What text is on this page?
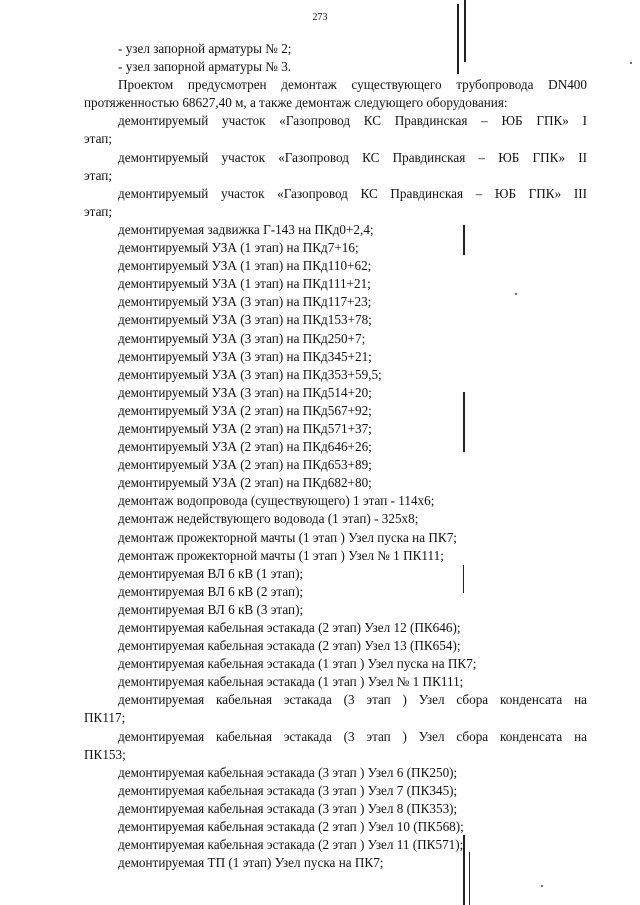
273
- узел запорной арматуры № 2;
- узел запорной арматуры № 3.
Проектом предусмотрен демонтаж существующего трубопровода DN400
протяженностью 68627,40 м, а также демонтаж следующего оборудования:
демонтируемый участок «Газопровод КС Правдинская – ЮБ ГПК» I
этап;
демонтируемый участок «Газопровод КС Правдинская – ЮБ ГПК» II
этап;
демонтируемый участок «Газопровод КС Правдинская – ЮБ ГПК» III
этап;
демонтируемая задвижка Г-143 на ПКд0+2,4;
демонтируемый УЗА (1 этап) на ПКд7+16;
демонтируемый УЗА (1 этап) на ПКд110+62;
демонтируемый УЗА (1 этап) на ПКд111+21;
демонтируемый УЗА (3 этап) на ПКд117+23;
демонтируемый УЗА (3 этап) на ПКд153+78;
демонтируемый УЗА (3 этап) на ПКд250+7;
демонтируемый УЗА (3 этап) на ПКд345+21;
демонтируемый УЗА (3 этап) на ПКд353+59,5;
демонтируемый УЗА (3 этап) на ПКд514+20;
демонтируемый УЗА (2 этап) на ПКд567+92;
демонтируемый УЗА (2 этап) на ПКд571+37;
демонтируемый УЗА (2 этап) на ПКд646+26;
демонтируемый УЗА (2 этап) на ПКд653+89;
демонтируемый УЗА (2 этап) на ПКд682+80;
демонтаж водопровода (существующего) 1 этап - 114х6;
демонтаж недействующего водовода (1 этап) - 325х8;
демонтаж прожекторной мачты (1 этап ) Узел пуска на ПК7;
демонтаж прожекторной мачты (1 этап ) Узел № 1 ПК111;
демонтируемая ВЛ 6 кВ (1 этап);
демонтируемая ВЛ 6 кВ (2 этап);
демонтируемая ВЛ 6 кВ (3 этап);
демонтируемая кабельная эстакада (2 этап) Узел 12 (ПК646);
демонтируемая кабельная эстакада (2 этап) Узел 13 (ПК654);
демонтируемая кабельная эстакада (1 этап ) Узел пуска на ПК7;
демонтируемая кабельная эстакада (1 этап ) Узел № 1 ПК111;
демонтируемая кабельная эстакада (3 этап ) Узел сбора конденсата на
ПК117;
демонтируемая кабельная эстакада (3 этап ) Узел сбора конденсата на
ПК153;
демонтируемая кабельная эстакада (3 этап ) Узел 6 (ПК250);
демонтируемая кабельная эстакада (3 этап ) Узел 7 (ПК345);
демонтируемая кабельная эстакада (3 этап ) Узел 8 (ПК353);
демонтируемая кабельная эстакада (2 этап ) Узел 10 (ПК568);
демонтируемая кабельная эстакада (2 этап ) Узел 11 (ПК571);
демонтируемая ТП (1 этап) Узел пуска на ПК7;
